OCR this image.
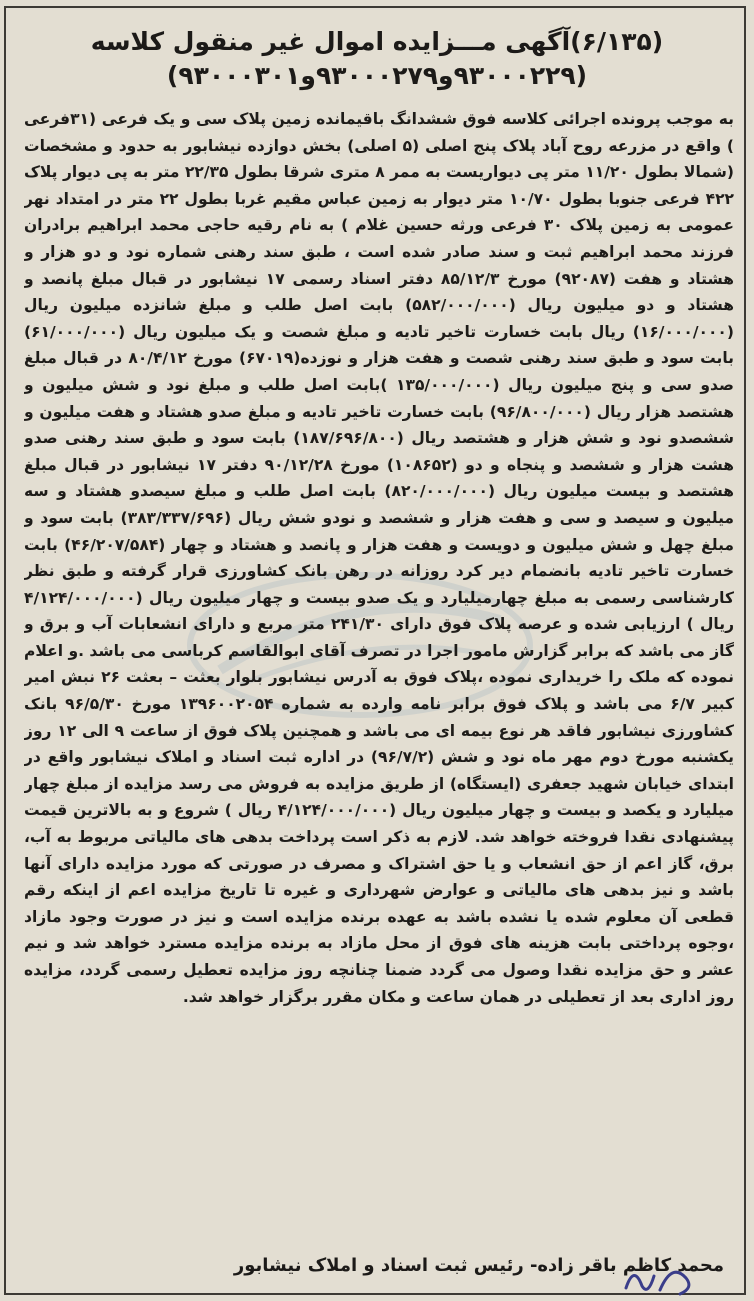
(۶/۱۳۵)آگهی مـــزایده اموال غیر منقول کلاسه
(۹۳۰۰۰۲۲۹و۹۳۰۰۰۲۷۹و۹۳۰۰۰۳۰۱)
به موجب پرونده اجرائی کلاسه فوق ششدانگ باقیمانده زمین پلاک سی و یک فرعی (۳۱فرعی ) واقع در مزرعه روح آباد پلاک پنج اصلی (۵ اصلی) بخش دوازده نیشابور به حدود و مشخصات (شمالا بطول ۱۱/۲۰ متر پی دیواریست به ممر ۸ متری شرقا بطول ۲۲/۳۵ متر به پی دیوار پلاک ۴۲۲ فرعی جنوبا بطول ۱۰/۷۰ متر دیوار به زمین عباس مقیم غربا بطول ۲۲ متر در امتداد نهر عمومی به زمین پلاک ۳۰ فرعی ورثه حسین غلام ) به نام رقیه حاجی محمد ابراهیم برادران فرزند محمد ابراهیم ثبت و سند صادر شده است ، طبق سند رهنی شماره نود و دو هزار و هشتاد و هفت (۹۲۰۸۷) مورخ ۸۵/۱۲/۳ دفتر اسناد رسمی ۱۷ نیشابور در قبال مبلغ پانصد و هشتاد و دو میلیون ریال (۵۸۲/۰۰۰/۰۰۰) بابت اصل طلب و مبلغ شانزده میلیون ریال (۱۶/۰۰۰/۰۰۰) ریال بابت خسارت تاخیر تادیه و مبلغ شصت و یک میلیون ریال (۶۱/۰۰۰/۰۰۰) بابت سود و طبق سند رهنی شصت و هفت هزار و نوزده(۶۷۰۱۹) مورخ ۸۰/۴/۱۲ در قبال مبلغ صدو سی و پنج میلیون ریال (۱۳۵/۰۰۰/۰۰۰ )بابت اصل طلب و مبلغ نود و شش میلیون و هشتصد هزار ریال (۹۶/۸۰۰/۰۰۰) بابت خسارت تاخیر تادیه و مبلغ صدو هشتاد و هفت میلیون و ششصدو نود و شش هزار و هشتصد ریال (۱۸۷/۶۹۶/۸۰۰) بابت سود و طبق سند رهنی صدو هشت هزار و ششصد و پنجاه و دو (۱۰۸۶۵۲) مورخ ۹۰/۱۲/۲۸ دفتر ۱۷ نیشابور در قبال مبلغ هشتصد و بیست میلیون ریال (۸۲۰/۰۰۰/۰۰۰) بابت اصل طلب و مبلغ سیصدو هشتاد و سه میلیون و سیصد و سی و هفت هزار و ششصد و نودو شش ریال (۳۸۳/۳۳۷/۶۹۶) بابت سود و مبلغ چهل و شش میلیون و دویست و هفت هزار و پانصد و هشتاد و چهار (۴۶/۲۰۷/۵۸۴) بابت خسارت تاخیر تادیه بانضمام دیر کرد روزانه در رهن بانک کشاورزی قرار گرفته و طبق نظر کارشناسی رسمی به مبلغ چهارمیلیارد و یک صدو بیست و چهار میلیون ریال (۴/۱۲۴/۰۰۰/۰۰۰ ریال ) ارزیابی شده و عرصه پلاک فوق دارای ۲۴۱/۳۰ متر مربع و دارای انشعابات آب و برق و گاز می باشد که برابر گزارش مامور اجرا در تصرف آقای ابوالقاسم کرباسی می باشد .و اعلام نموده که ملک را خریداری نموده ،پلاک فوق به آدرس نیشابور بلوار بعثت – بعثت ۲۶ نبش امیر کبیر ۶/۷ می باشد و پلاک فوق برابر نامه وارده به شماره ۱۳۹۶۰۰۲۰۵۴ مورخ ۹۶/۵/۳۰ بانک کشاورزی نیشابور فاقد هر نوع بیمه ای می باشد و همچنین پلاک فوق از ساعت ۹ الی ۱۲ روز یکشنبه مورخ دوم مهر ماه نود و شش (۹۶/۷/۲) در اداره ثبت اسناد و املاک نیشابور واقع در ابتدای خیابان شهید جعفری (ایستگاه) از طریق مزایده به فروش می رسد مزایده از مبلغ چهار میلیارد و یکصد و بیست و چهار میلیون ریال (۴/۱۲۴/۰۰۰/۰۰۰ ریال ) شروع و به بالاترین قیمت پیشنهادی نقدا فروخته خواهد شد. لازم به ذکر است پرداخت بدهی های مالیاتی مربوط به آب، برق، گاز اعم از حق انشعاب و یا حق اشتراک و مصرف در صورتی که مورد مزایده دارای آنها باشد و نیز بدهی های مالیاتی و عوارض شهرداری و غیره تا تاریخ مزایده اعم از اینکه رقم قطعی آن معلوم شده یا نشده باشد به عهده برنده مزایده است و نیز در صورت وجود مازاد ،وجوه پرداختی بابت هزینه های فوق از محل مازاد به برنده مزایده مسترد خواهد شد و نیم عشر و حق مزایده نقدا وصول می گردد ضمنا چنانچه روز مزایده تعطیل رسمی گردد، مزایده روز اداری بعد از تعطیلی در همان ساعت و مکان مقرر برگزار خواهد شد.
محمد کاظم باقر زاده- رئیس ثبت اسناد و املاک نیشابور
